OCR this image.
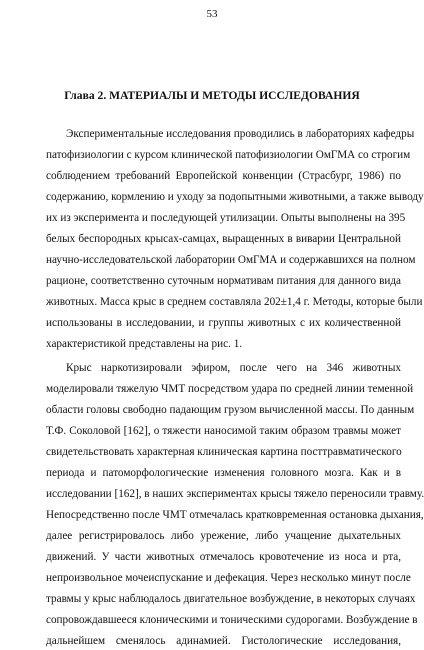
53
Глава 2. МАТЕРИАЛЫ И МЕТОДЫ ИССЛЕДОВАНИЯ
Экспериментальные исследования проводились в лабораториях кафедры
патофизиологии с курсом клинической патофизиологии ОмГМА со строгим
соблюдением требований Европейской конвенции (Страсбург, 1986) по
содержанию, кормлению и уходу за подопытными животными, а также выводу
их из эксперимента и последующей утилизации. Опыты выполнены на 395
белых беспородных крысах-самцах, выращенных в виварии Центральной
научно-исследовательской лаборатории ОмГМА и содержавшихся на полном
рационе, соответственно суточным нормативам питания для данного вида
животных. Масса крыс в среднем составляла 202±1,4 г. Методы, которые были
использованы в исследовании, и группы животных с их количественной
характеристикой представлены на рис. 1.
Крыс наркотизировали эфиром, после чего на 346 животных
моделировали тяжелую ЧМТ посредством удара по средней линии теменной
области головы свободно падающим грузом вычисленной массы. По данным
Т.Ф. Соколовой [162], о тяжести наносимой таким образом травмы может
свидетельствовать характерная клиническая картина посттравматического
периода и патоморфологические изменения головного мозга. Как и в
исследовании [162], в наших экспериментах крысы тяжело переносили травму.
Непосредственно после ЧМТ отмечалась кратковременная остановка дыхания,
далее регистрировалось либо урежение, либо учащение дыхательных
движений. У части животных отмечалось кровотечение из носа и рта,
непроизвольное мочеиспускание и дефекация. Через несколько минут после
травмы у крыс наблюдалось двигательное возбуждение, в некоторых случаях
сопровождавшееся клоническими и тоническими судорогами. Возбуждение в
дальнейшем сменялось адинамией. Гистологические исследования,
